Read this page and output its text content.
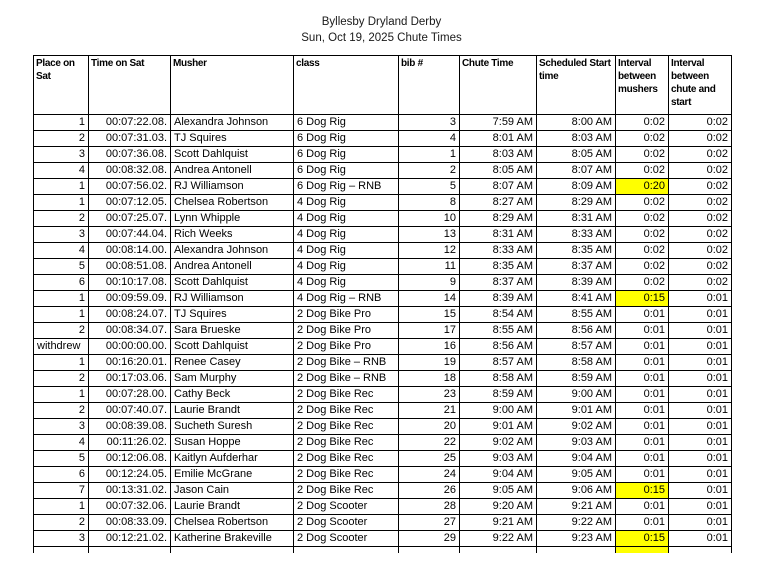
Byllesby Dryland Derby
Sun, Oct 19, 2025 Chute Times
Place on Sat	Time on Sat	Musher	class	bib #	Chute Time	Scheduled Start time	Interval between mushers	Interval between chute and start
1	00:07:22.08.	Alexandra Johnson	6 Dog Rig	3	7:59 AM	8:00 AM	0:02	0:02
2	00:07:31.03.	TJ Squires	6 Dog Rig	4	8:01 AM	8:03 AM	0:02	0:02
3	00:07:36.08.	Scott Dahlquist	6 Dog Rig	1	8:03 AM	8:05 AM	0:02	0:02
4	00:08:32.08.	Andrea Antonell	6 Dog Rig	2	8:05 AM	8:07 AM	0:02	0:02
1	00:07:56.02.	RJ Williamson	6 Dog Rig – RNB	5	8:07 AM	8:09 AM	0:20	0:02
1	00:07:12.05.	Chelsea Robertson	4 Dog Rig	8	8:27 AM	8:29 AM	0:02	0:02
2	00:07:25.07.	Lynn Whipple	4 Dog Rig	10	8:29 AM	8:31 AM	0:02	0:02
3	00:07:44.04.	Rich Weeks	4 Dog Rig	13	8:31 AM	8:33 AM	0:02	0:02
4	00:08:14.00.	Alexandra Johnson	4 Dog Rig	12	8:33 AM	8:35 AM	0:02	0:02
5	00:08:51.08.	Andrea Antonell	4 Dog Rig	11	8:35 AM	8:37 AM	0:02	0:02
6	00:10:17.08.	Scott Dahlquist	4 Dog Rig	9	8:37 AM	8:39 AM	0:02	0:02
1	00:09:59.09.	RJ Williamson	4 Dog Rig – RNB	14	8:39 AM	8:41 AM	0:15	0:01
1	00:08:24.07.	TJ Squires	2 Dog Bike Pro	15	8:54 AM	8:55 AM	0:01	0:01
2	00:08:34.07.	Sara Brueske	2 Dog Bike Pro	17	8:55 AM	8:56 AM	0:01	0:01
withdrew	00:00:00.00.	Scott Dahlquist	2 Dog Bike Pro	16	8:56 AM	8:57 AM	0:01	0:01
1	00:16:20.01.	Renee Casey	2 Dog Bike – RNB	19	8:57 AM	8:58 AM	0:01	0:01
2	00:17:03.06.	Sam Murphy	2 Dog Bike – RNB	18	8:58 AM	8:59 AM	0:01	0:01
1	00:07:28.00.	Cathy Beck	2 Dog Bike Rec	23	8:59 AM	9:00 AM	0:01	0:01
2	00:07:40.07.	Laurie Brandt	2 Dog Bike Rec	21	9:00 AM	9:01 AM	0:01	0:01
3	00:08:39.08.	Sucheth Suresh	2 Dog Bike Rec	20	9:01 AM	9:02 AM	0:01	0:01
4	00:11:26.02.	Susan Hoppe	2 Dog Bike Rec	22	9:02 AM	9:03 AM	0:01	0:01
5	00:12:06.08.	Kaitlyn Aufderhar	2 Dog Bike Rec	25	9:03 AM	9:04 AM	0:01	0:01
6	00:12:24.05.	Emilie McGrane	2 Dog Bike Rec	24	9:04 AM	9:05 AM	0:01	0:01
7	00:13:31.02.	Jason Cain	2 Dog Bike Rec	26	9:05 AM	9:06 AM	0:15	0:01
1	00:07:32.06.	Laurie Brandt	2 Dog Scooter	28	9:20 AM	9:21 AM	0:01	0:01
2	00:08:33.09.	Chelsea Robertson	2 Dog Scooter	27	9:21 AM	9:22 AM	0:01	0:01
3	00:12:21.02.	Katherine Brakeville	2 Dog Scooter	29	9:22 AM	9:23 AM	0:15	0:01
